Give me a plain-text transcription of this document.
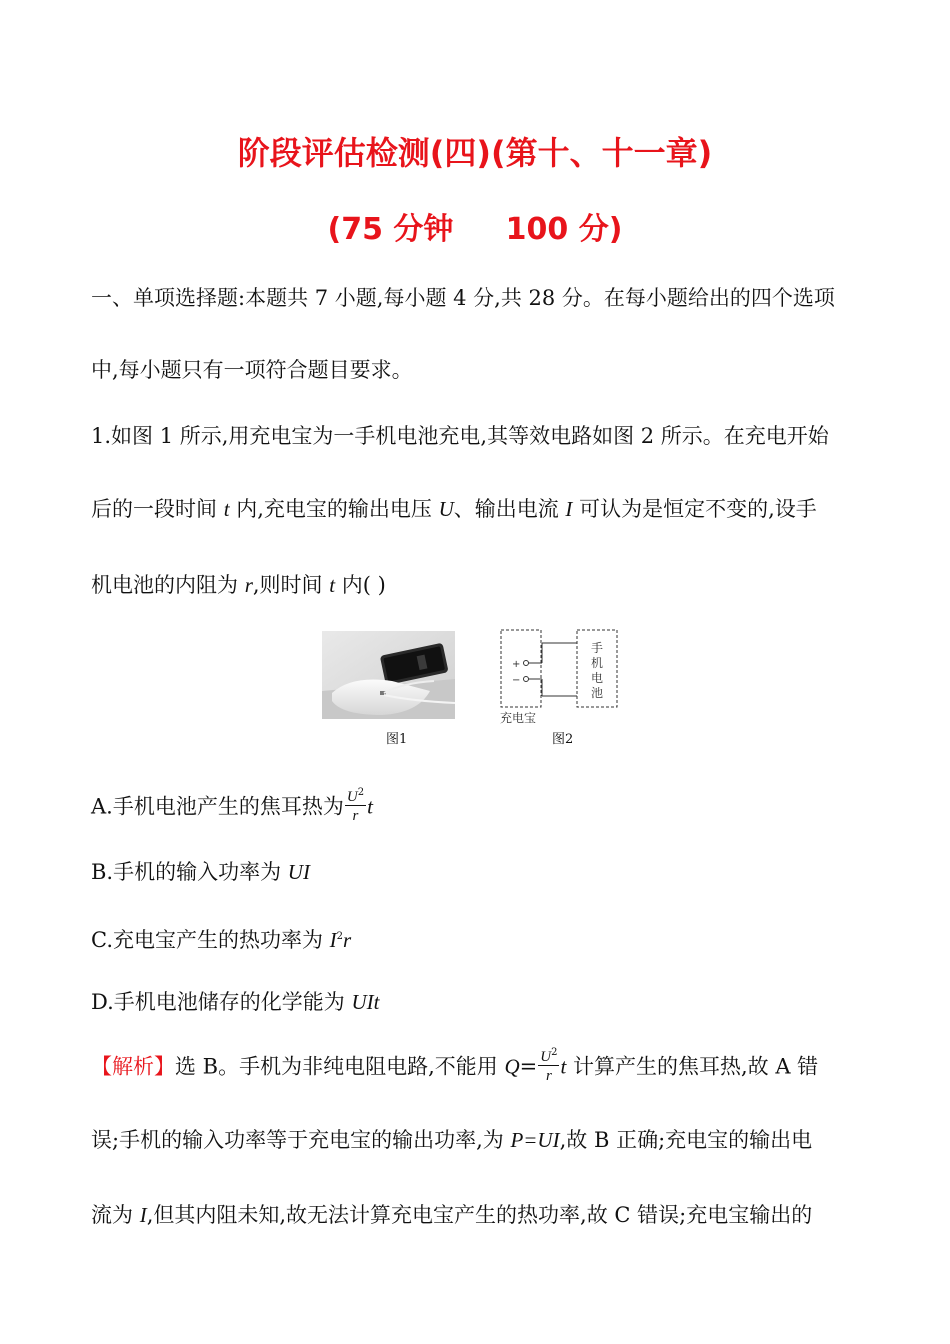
阶段评估检测(四)(第十、十一章)
(75 分钟 100 分)
一、单项选择题:本题共 7 小题,每小题 4 分,共 28 分。在每小题给出的四个选项
中,每小题只有一项符合题目要求。
1.如图 1 所示,用充电宝为一手机电池充电,其等效电路如图 2 所示。在充电开始
后的一段时间 t 内,充电宝的输出电压 U、输出电流 I 可认为是恒定不变的,设手
机电池的内阻为 r,则时间 t 内( )
图1
+
−
手
机
电
池
充电宝
图2
A.手机电池产生的焦耳热为 $\frac{U^2}{r}$ t
B.手机的输入功率为 UI
C.充电宝产生的热功率为 $I^2r$
D.手机电池储存的化学能为 UIt
【解析】选 B。手机为非纯电阻电路,不能用 $Q= \frac{U^2}{r}$ t 计算产生的焦耳热,故 A 错
误;手机的输入功率等于充电宝的输出功率,为 P=UI,故 B 正确;充电宝的输出电
流为 I,但其内阻未知,故无法计算充电宝产生的热功率,故 C 错误;充电宝输出的
